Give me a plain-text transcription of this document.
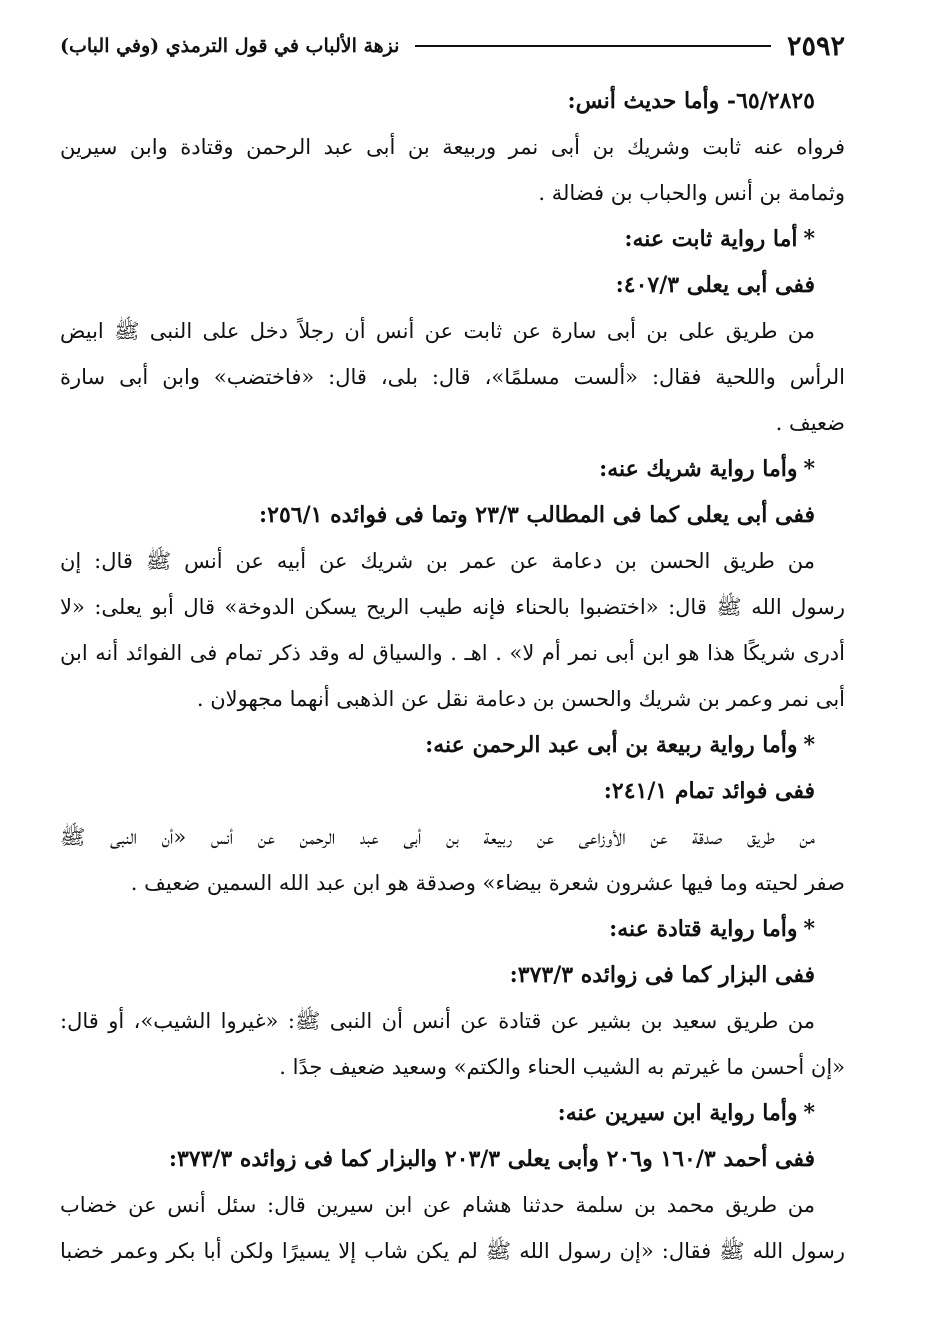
٢٥٩٢
نزهة الألباب في قول الترمذي (وفي الباب)
٦٥/٢٨٢٥- وأما حديث أنس:
فرواه عنه ثابت وشريك بن أبى نمر وربيعة بن أبى عبد الرحمن وقتادة وابن سيرين
وثمامة بن أنس والحباب بن فضالة .
*أما رواية ثابت عنه:
ففى أبى يعلى ٤٠٧/٣:
من طريق على بن أبى سارة عن ثابت عن أنس أن رجلاً دخل على النبى ﷺ ابيض
الرأس واللحية فقال: «ألست مسلمًا»، قال: بلى، قال: «فاختضب» وابن أبى سارة
ضعيف .
*وأما رواية شريك عنه:
ففى أبى يعلى كما فى المطالب ٢٣/٣ وتما فى فوائده ٢٥٦/١:
من طريق الحسن بن دعامة عن عمر بن شريك عن أبيه عن أنس ﷺ قال: إن
رسول الله ﷺ قال: «اختضبوا بالحناء فإنه طيب الريح يسكن الدوخة» قال أبو يعلى: «لا
أدرى شريكًا هذا هو ابن أبى نمر أم لا» . اهـ . والسياق له وقد ذكر تمام فى الفوائد أنه ابن
أبى نمر وعمر بن شريك والحسن بن دعامة نقل عن الذهبى أنهما مجهولان .
*وأما رواية ربيعة بن أبى عبد الرحمن عنه:
ففى فوائد تمام ٢٤١/١:
من طريق صدقة عن الأوزاعى عن ربيعة بن أبى عبد الرحمن عن أنس «أن النبى ﷺ
صفر لحيته وما فيها عشرون شعرة بيضاء» وصدقة هو ابن عبد الله السمين ضعيف .
*وأما رواية قتادة عنه:
ففى البزار كما فى زوائده ٣٧٣/٣:
من طريق سعيد بن بشير عن قتادة عن أنس أن النبى ﷺ: «غيروا الشيب»، أو قال:
«إن أحسن ما غيرتم به الشيب الحناء والكتم» وسعيد ضعيف جدًا .
*وأما رواية ابن سيرين عنه:
ففى أحمد ١٦٠/٣ و٢٠٦ وأبى يعلى ٢٠٣/٣ والبزار كما فى زوائده ٣٧٣/٣:
من طريق محمد بن سلمة حدثنا هشام عن ابن سيرين قال: سئل أنس عن خضاب
رسول الله ﷺ فقال: «إن رسول الله ﷺ لم يكن شاب إلا يسيرًا ولكن أبا بكر وعمر خضبا
